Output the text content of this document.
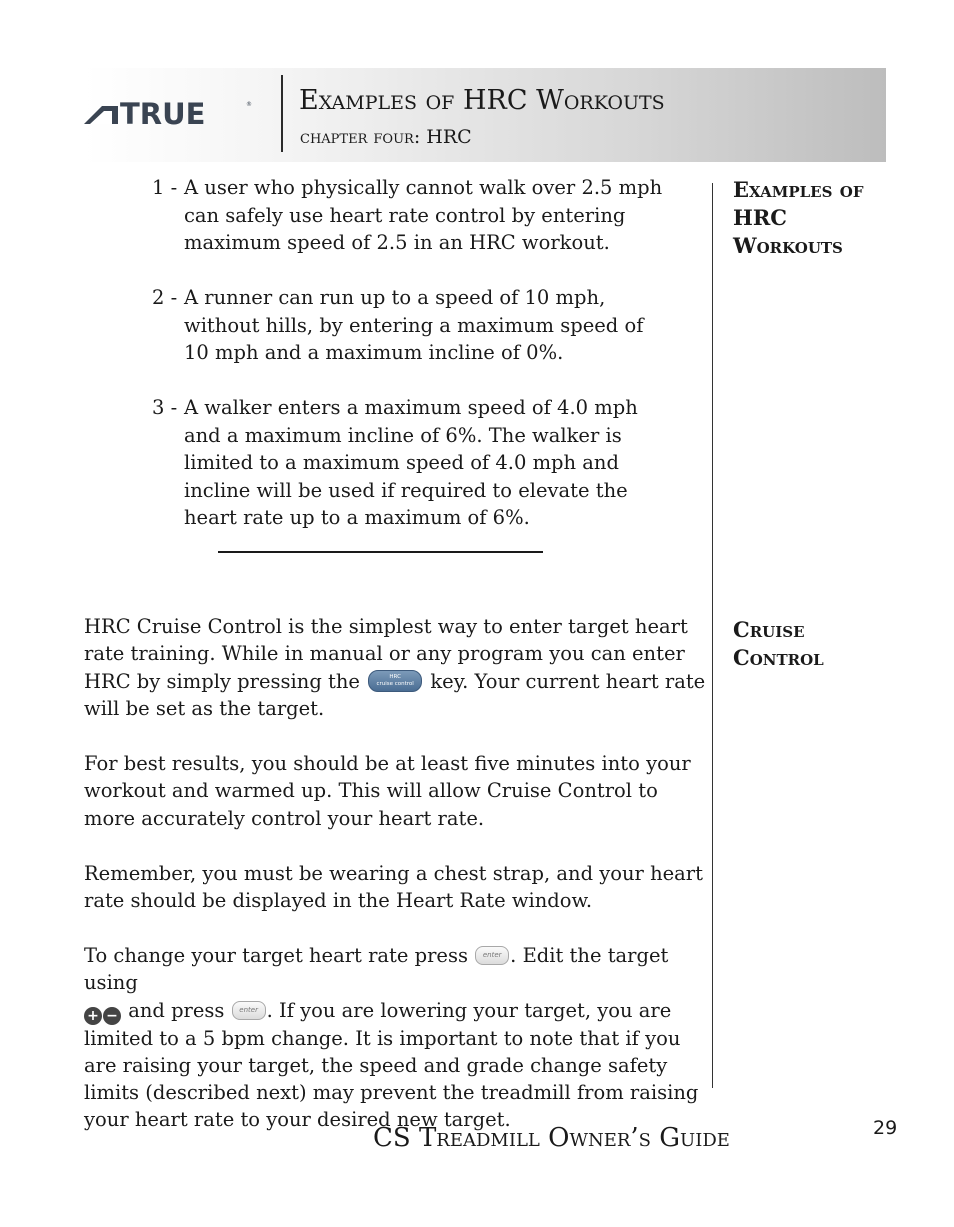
TRUE	® Examples of HRC Workouts
chapter four: HRC
Examples of HRC Workouts
Cruise Control
1 - A user who physically cannot walk over 2.5 mph can safely use heart rate control by entering maximum speed of 2.5 in an HRC workout.
2 - A runner can run up to a speed of 10 mph, without hills, by entering a maximum speed of 10 mph and a maximum incline of 0%.
3 - A walker enters a maximum speed of 4.0 mph and a maximum incline of 6%. The walker is limited to a maximum speed of 4.0 mph and incline will be used if required to elevate the heart rate up to a maximum of 6%.
HRC Cruise Control is the simplest way to enter target heart rate training. While in manual or any program you can enter HRC by simply pressing the	HRC
cruise control key. Your current heart rate will be set as the target.
For best results, you should be at least five minutes into your workout and warmed up. This will allow Cruise Control to more accurately control your heart rate.
Remember, you must be wearing a chest strap, and your heart rate should be displayed in the Heart Rate window.
To change your target heart rate press	enter . Edit the target using
+ − and press	enter . If you are lowering your target, you are limited to a 5 bpm change. It is important to note that if you are raising your target, the speed and grade change safety limits (described next) may prevent the treadmill from raising your heart rate to your desired new target.
CS Treadmill Owner’s Guide	29
